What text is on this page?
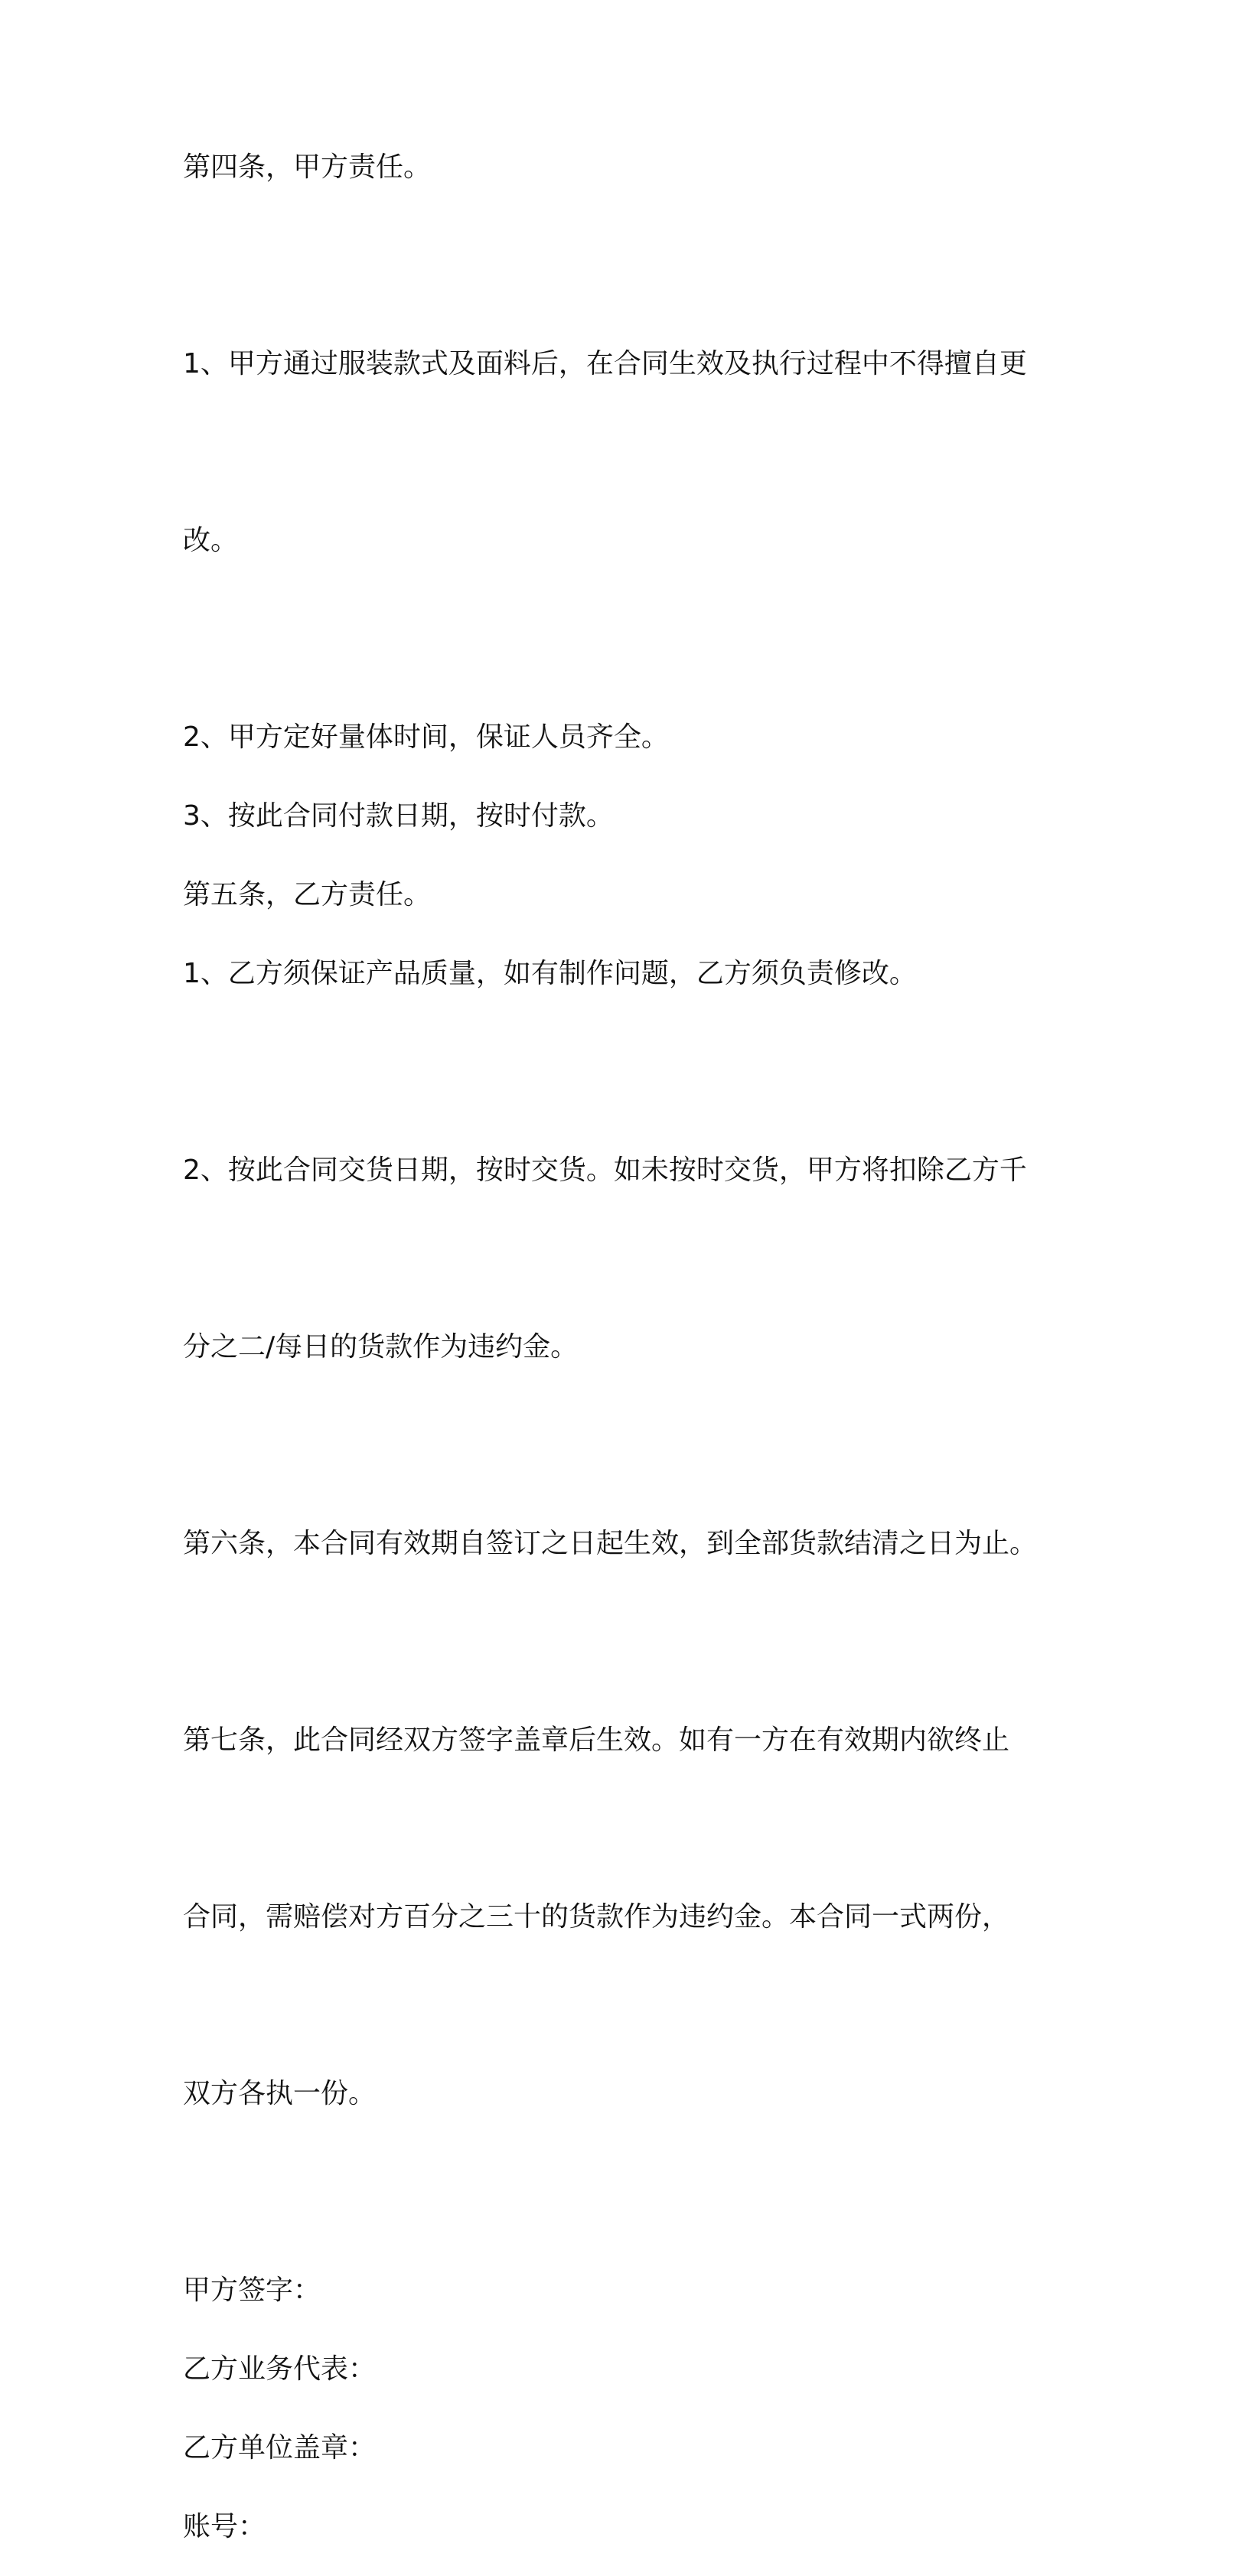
第四条，甲方责任。

1、甲方通过服装款式及面料后，在合同生效及执行过程中不得擅自更

改。

2、甲方定好量体时间，保证人员齐全。

3、按此合同付款日期，按时付款。

第五条，乙方责任。

1、乙方须保证产品质量，如有制作问题，乙方须负责修改。

2、按此合同交货日期，按时交货。如未按时交货，甲方将扣除乙方千

分之二/每日的货款作为违约金。

第六条，本合同有效期自签订之日起生效，到全部货款结清之日为止。

第七条，此合同经双方签字盖章后生效。如有一方在有效期内欲终止

合同，需赔偿对方百分之三十的货款作为违约金。本合同一式两份，

双方各执一份。

甲方签字：

乙方业务代表：

乙方单位盖章：

账号：
